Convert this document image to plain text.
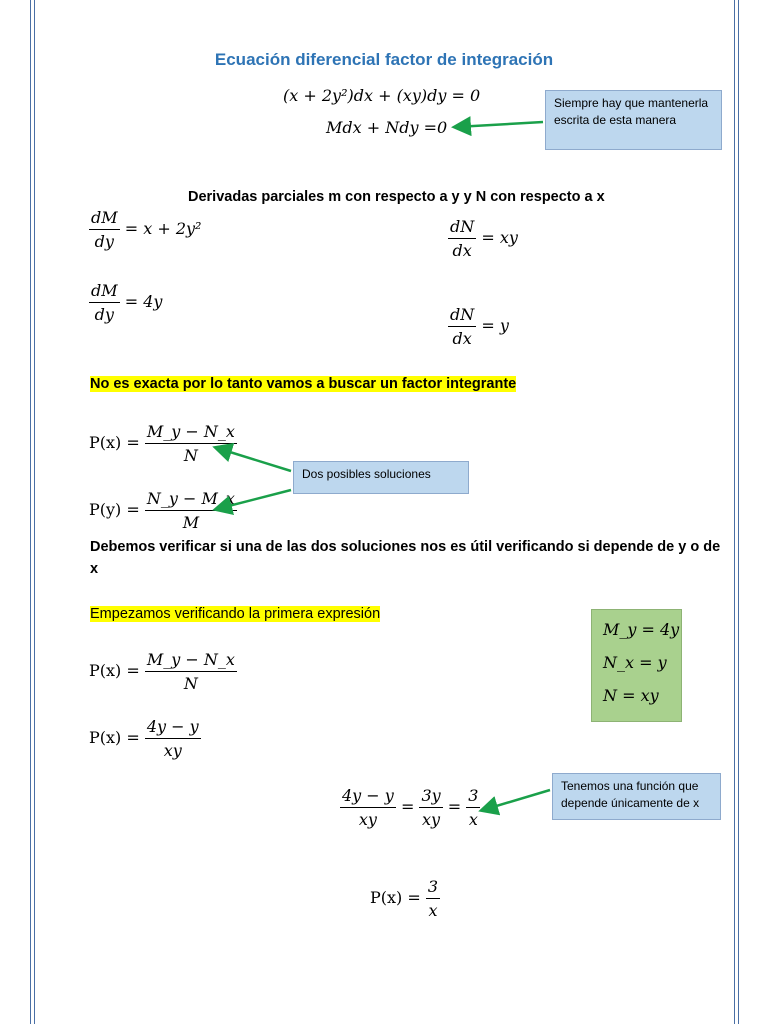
Ecuación diferencial factor de integración
(x + 2y²)dx + (xy)dy = 0
Mdx + Ndy =0
Siempre hay que mantenerla escrita de esta manera
Derivadas parciales m con respecto a y y N con respecto a x
$\frac{dM}{dy} = x + 2y^2$	$\frac{dN}{dx}$ = xy
$\frac{dM}{dy} = 4y$
$\frac{dN}{dx} = y$
No es exacta por lo tanto vamos a buscar un factor integrante
$P(x) = \frac{M\_y - N\_x}{N}$
$P(y) = \frac{N\_y - M\_x}{M}$
Dos posibles soluciones
Debemos verificar si una de las dos soluciones nos es útil verificando si depende de y o de x
Empezamos verificando la primera expresión
M_y = 4y
N_x = y
N = xy
$P(x) = \frac{M\_y - N\_x}{N}$
$P(x) = \frac{4y - y}{xy}$
$\frac{4y - y}{xy} = \frac{3y}{xy} = \frac{3}{x}$	Tenemos una función que depende únicamente de x
$P(x) = \frac{3}{x}$
